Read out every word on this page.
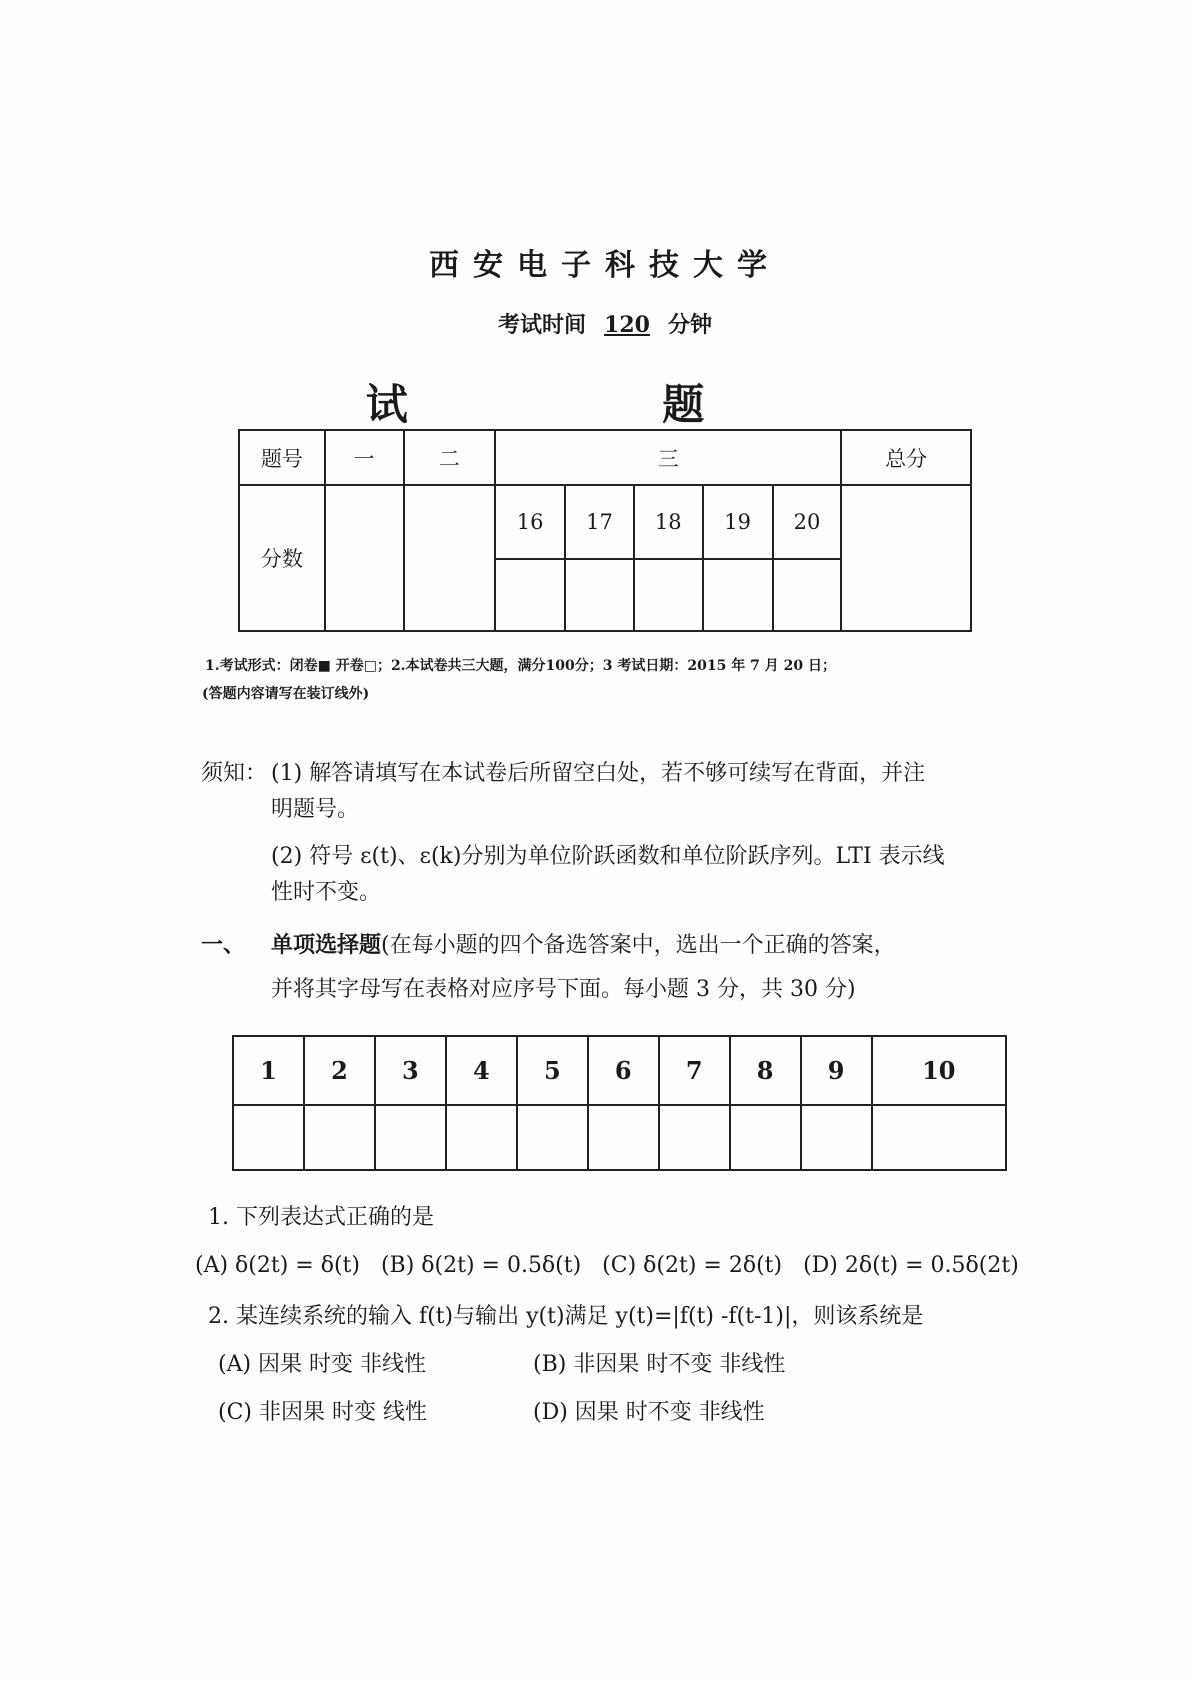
西安电子科技大学
考试时间 120 分钟
试 题
题号	一	二	三					总分
分数			16	17	18	19	20	

1.考试形式：闭卷■ 开卷□；2.本试卷共三大题，满分100分；3 考试日期：2015 年 7 月 20 日；
(答题内容请写在装订线外)
须知： (1) 解答请填写在本试卷后所留空白处，若不够可续写在背面，并注
明题号。
(2) 符号 ε(t)、ε(k)分别为单位阶跃函数和单位阶跃序列。LTI 表示线
性时不变。
一、 单项选择题(在每小题的四个备选答案中，选出一个正确的答案，
并将其字母写在表格对应序号下面。每小题 3 分，共 30 分)
1	2	3	4	5	6	7	8	9	10

1. 下列表达式正确的是
(A) δ(2t) = δ(t) (B) δ(2t) = 0.5δ(t) (C) δ(2t) = 2δ(t) (D) 2δ(t) = 0.5δ(2t)
2. 某连续系统的输入 f(t)与输出 y(t)满足 y(t)=|f(t) -f(t-1)|，则该系统是
(A) 因果 时变 非线性	(B) 非因果 时不变 非线性
(C) 非因果 时变 线性	(D) 因果 时不变 非线性
